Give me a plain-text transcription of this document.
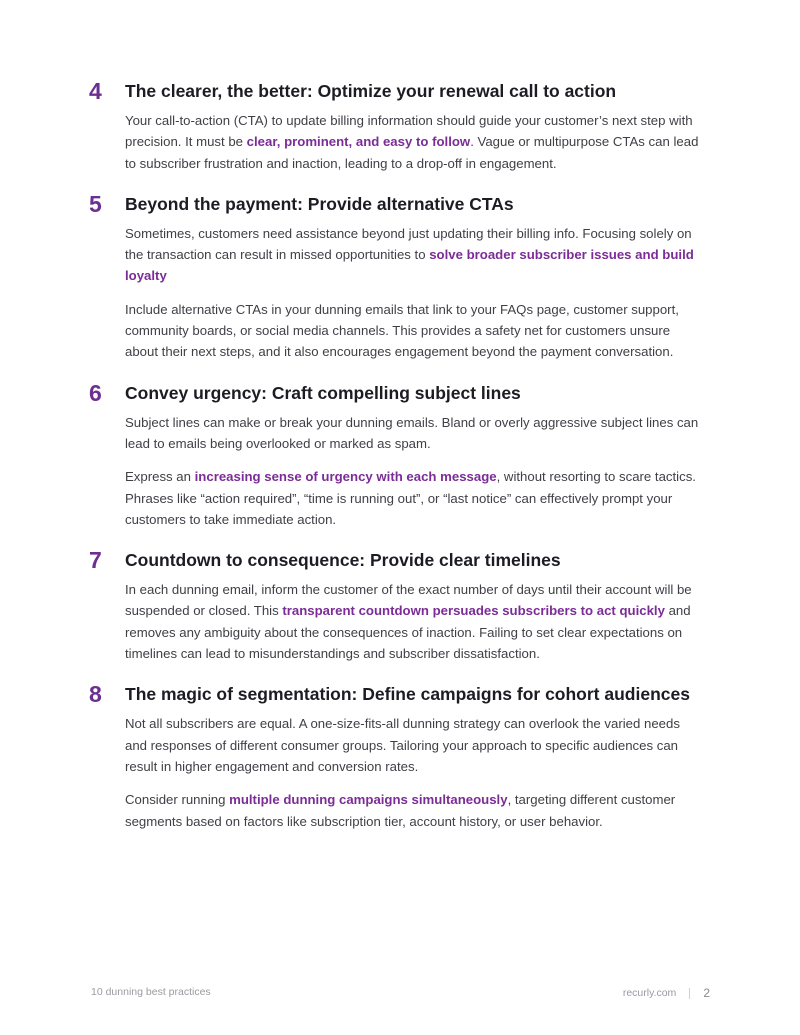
4 The clearer, the better: Optimize your renewal call to action

Your call-to-action (CTA) to update billing information should guide your customer’s next step with precision. It must be clear, prominent, and easy to follow. Vague or multipurpose CTAs can lead to subscriber frustration and inaction, leading to a drop-off in engagement.

5 Beyond the payment: Provide alternative CTAs

Sometimes, customers need assistance beyond just updating their billing info. Focusing solely on the transaction can result in missed opportunities to solve broader subscriber issues and build loyalty

Include alternative CTAs in your dunning emails that link to your FAQs page, customer support, community boards, or social media channels. This provides a safety net for customers unsure about their next steps, and it also encourages engagement beyond the payment conversation.

6 Convey urgency: Craft compelling subject lines

Subject lines can make or break your dunning emails. Bland or overly aggressive subject lines can lead to emails being overlooked or marked as spam.

Express an increasing sense of urgency with each message, without resorting to scare tactics. Phrases like “action required”, “time is running out”, or “last notice” can effectively prompt your customers to take immediate action.

7 Countdown to consequence: Provide clear timelines

In each dunning email, inform the customer of the exact number of days until their account will be suspended or closed. This transparent countdown persuades subscribers to act quickly and removes any ambiguity about the consequences of inaction. Failing to set clear expectations on timelines can lead to misunderstandings and subscriber dissatisfaction.

8 The magic of segmentation: Define campaigns for cohort audiences

Not all subscribers are equal. A one-size-fits-all dunning strategy can overlook the varied needs and responses of different consumer groups. Tailoring your approach to specific audiences can result in higher engagement and conversion rates.

Consider running multiple dunning campaigns simultaneously, targeting different customer segments based on factors like subscription tier, account history, or user behavior.

10 dunning best practices	recurly.com 2
